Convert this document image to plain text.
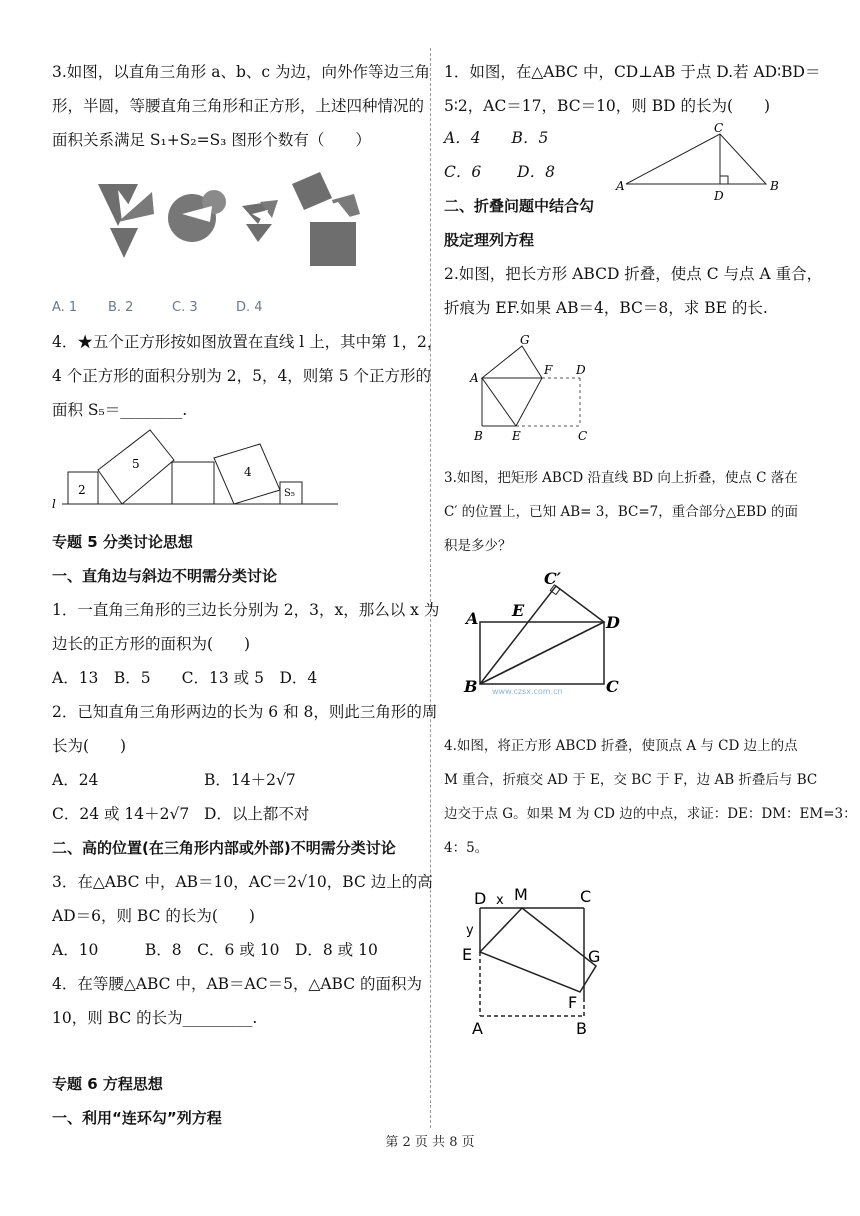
3.如图，以直角三角形 a、b、c 为边，向外作等边三角
形，半圆，等腰直角三角形和正方形，上述四种情况的
面积关系满足 S₁+S₂=S₃ 图形个数有（　　）
A. 1 B. 2	C. 3	D. 4
4．★五个正方形按如图放置在直线 l 上，其中第 1，2，
4 个正方形的面积分别为 2，5，4，则第 5 个正方形的
面积 S₅＝________.
l
2
5
4
S₅
专题 5 分类讨论思想
一、直角边与斜边不明需分类讨论
1．一直角三角形的三边长分别为 2，3，x，那么以 x 为
边长的正方形的面积为(　　)
A．13　B．5　　C．13 或 5　D．4
2．已知直角三角形两边的长为 6 和 8，则此三角形的周
长为(　　)
A．24	B．14＋2√7
C．24 或 14＋2√7 D．以上都不对
二、高的位置(在三角形内部或外部)不明需分类讨论
3．在△ABC 中，AB＝10，AC＝2√10，BC 边上的高
AD＝6，则 BC 的长为(　　)
A．10　　　B．8　C．6 或 10　D．8 或 10
4．在等腰△ABC 中，AB＝AC＝5，△ABC 的面积为
10，则 BC 的长为_________.
专题 6 方程思想
一、利用“连环勾”列方程
1．如图，在△ABC 中，CD⊥AB 于点 D.若 AD∶BD＝
5∶2，AC＝17，BC＝10，则 BD 的长为(　　)
A．4　　B．5
C．6　　 D．8
A
C
B
D
二、折叠问题中结合勾
股定理列方程
2.如图，把长方形 ABCD 折叠，使点 C 与点 A 重合，
折痕为 EF.如果 AB＝4，BC＝8，求 BE 的长.
A
G
F D
B E	C
3.如图，把矩形 ABCD 沿直线 BD 向上折叠，使点 C 落在
C′ 的位置上，已知 AB= 3，BC=7，重合部分△EBD 的面
积是多少？
A E
C′
D
B	C
www.czsx.com.cn
4.如图，将正方形 ABCD 折叠，使顶点 A 与 CD 边上的点
M 重合，折痕交 AD 于 E，交 BC 于 F，边 AB 折叠后与 BC
边交于点 G。如果 M 为 CD 边的中点，求证：DE：DM：EM=3：
4：5。
D x M	C
y
E	G
F
A	B
第 2 页 共 8 页
